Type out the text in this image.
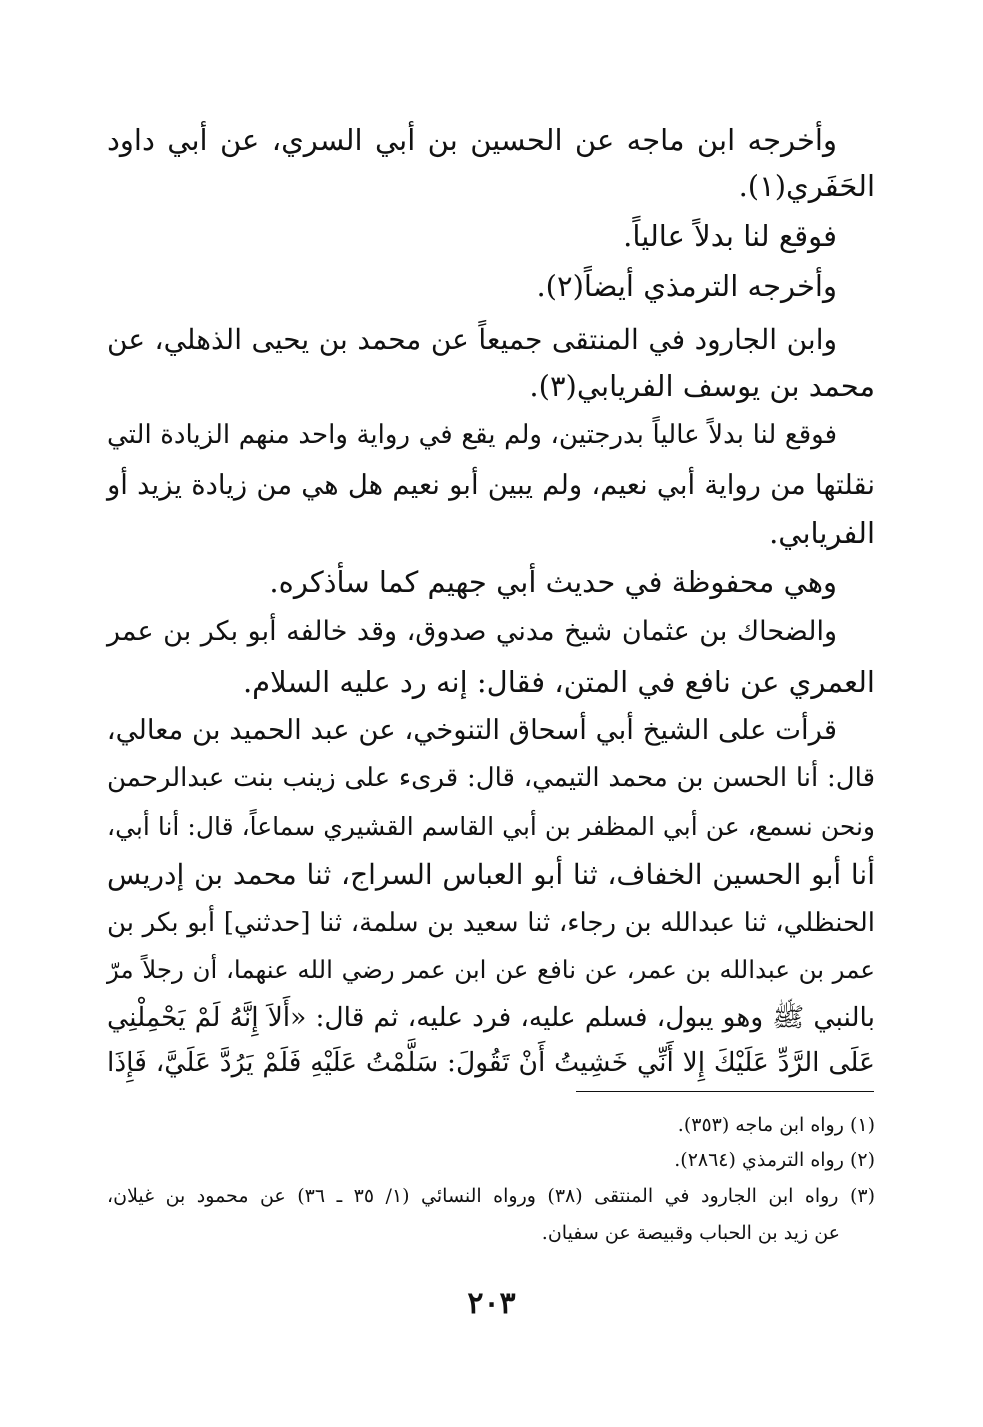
وأخرجه ابن ماجه عن الحسين بن أبي السري، عن أبي داود
الحَفَري(١).
فوقع لنا بدلاً عالياً.
وأخرجه الترمذي أيضاً(٢).
وابن الجارود في المنتقى جميعاً عن محمد بن يحيى الذهلي، عن
محمد بن يوسف الفريابي(٣).
فوقع لنا بدلاً عالياً بدرجتين، ولم يقع في رواية واحد منهم الزيادة التي
نقلتها من رواية أبي نعيم، ولم يبين أبو نعيم هل هي من زيادة يزيد أو
الفريابي.
وهي محفوظة في حديث أبي جهيم كما سأذكره.
والضحاك بن عثمان شيخ مدني صدوق، وقد خالفه أبو بكر بن عمر
العمري عن نافع في المتن، فقال: إنه رد عليه السلام.
قرأت على الشيخ أبي أسحاق التنوخي، عن عبد الحميد بن معالي،
قال: أنا الحسن بن محمد التيمي، قال: قرىء على زينب بنت عبدالرحمن
ونحن نسمع، عن أبي المظفر بن أبي القاسم القشيري سماعاً، قال: أنا أبي،
أنا أبو الحسين الخفاف، ثنا أبو العباس السراج، ثنا محمد بن إدريس
الحنظلي، ثنا عبدالله بن رجاء، ثنا سعيد بن سلمة، ثنا [حدثني] أبو بكر بن
عمر بن عبدالله بن عمر، عن نافع عن ابن عمر رضي الله عنهما، أن رجلاً مرّ
بالنبي ﷺ وهو يبول، فسلم عليه، فرد عليه، ثم قال: «أَلاَ إِنَّهُ لَمْ يَحْمِلْنِي
عَلَى الرَّدِّ عَلَيْكَ إِلا أَنِّي خَشِيتُ أَنْ تَقُولَ: سَلَّمْتُ عَلَيْهِ فَلَمْ يَرُدَّ عَلَيَّ، فَإِذَا
(١) رواه ابن ماجه (٣٥٣).
(٢) رواه الترمذي (٢٨٦٤).
(٣) رواه ابن الجارود في المنتقى (٣٨) ورواه النسائي (١/ ٣٥ ـ ٣٦) عن محمود بن غيلان،
عن زيد بن الحباب وقبيصة عن سفيان.
٢٠٣
